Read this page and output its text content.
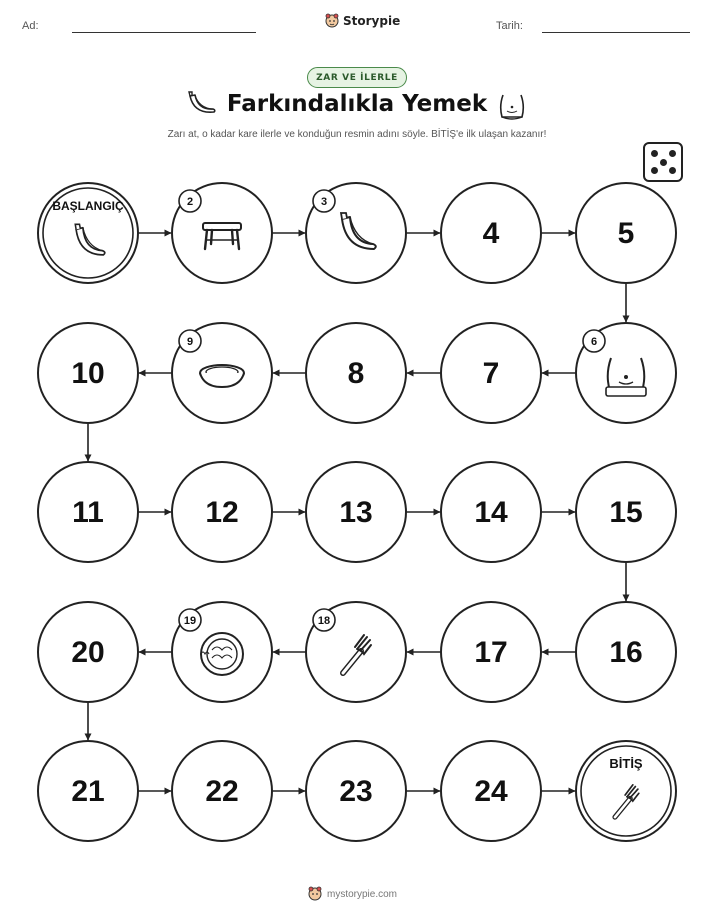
Ad:	Storypie	Tarih:
ZAR VE İLERLE
Farkındalıkla Yemek
Zarı at, o kadar kare ilerle ve konduğun resmin adını söyle. BİTİŞ'e ilk ulaşan kazanır!
BAŞLANGIÇ	2	3
4	5
6
7
8
9
10
11	12	13	14	15
16
17
18
19
20
21	22	23	24
BİTİŞ
mystorypie.com
